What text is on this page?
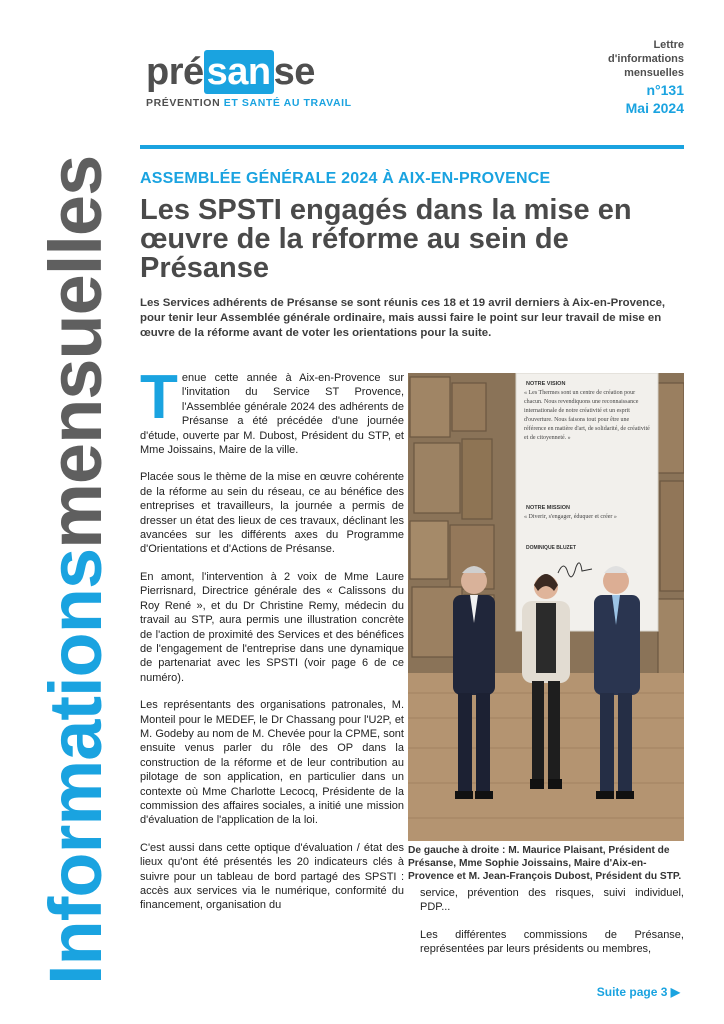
Informationsmensuelles
présanse
PRÉVENTION ET SANTÉ AU TRAVAIL
Lettre
d'informations
mensuelles
n°131
Mai 2024
ASSEMBLÉE GÉNÉRALE 2024 À AIX-EN-PROVENCE
Les SPSTI engagés dans la mise en œuvre de la réforme au sein de Présanse
Les Services adhérents de Présanse se sont réunis ces 18 et 19 avril derniers à Aix-en-Provence, pour tenir leur Assemblée générale ordinaire, mais aussi faire le point sur leur travail de mise en œuvre de la réforme avant de voter les orientations pour la suite.

Tenue cette année à Aix-en-Provence sur l'invitation du Service ST Provence, l'Assemblée générale 2024 des adhérents de Présanse a été précédée d'une journée d'étude, ouverte par M. Dubost, Président du STP, et Mme Joissains, Maire de la ville.

Placée sous le thème de la mise en œuvre cohérente de la réforme au sein du réseau, ce au bénéfice des entreprises et travailleurs, la journée a permis de dresser un état des lieux de ces travaux, déclinant les avancées sur les différents axes du Programme d'Orientations et d'Actions de Présanse.

En amont, l'intervention à 2 voix de Mme Laure Pierrisnard, Directrice générale des « Calissons du Roy René », et du Dr Christine Remy, médecin du travail au STP, aura permis une illustration concrète de l'action de proximité des Services et des bénéfices de l'engagement de l'entreprise dans une dynamique de partenariat avec les SPSTI (voir page 6 de ce numéro).

Les représentants des organisations patronales, M. Monteil pour le MEDEF, le Dr Chassang pour l'U2P, et M. Godeby au nom de M. Chevée pour la CPME, sont ensuite venus parler du rôle des OP dans la construction de la réforme et de leur contribution au pilotage de son application, en particulier dans un contexte où Mme Charlotte Lecocq, Présidente de la commission des affaires sociales, a initié une mission d'évaluation de l'application de la loi.

C'est aussi dans cette optique d'évaluation / état des lieux qu'ont été présentés les 20 indicateurs clés à suivre pour un tableau de bord partagé des SPSTI : accès aux services via le numérique, conformité du financement, organisation du

NOTRE VISION
« Les Thermes sont un centre de création pour chacun. Nous revendiquons une reconnaissance internationale de notre créativité et un esprit d'ouverture. Nous faisons tout pour être une référence en matière d'art, de solidarité, de créativité et de citoyenneté. »
NOTRE MISSION
« Diverir, s'engager, éduquer et créer »
DOMINIQUE BLUZET
De gauche à droite : M. Maurice Plaisant, Président de Présanse, Mme Sophie Joissains, Maire d'Aix-en-Provence et M. Jean-François Dubost, Président du STP.

service, prévention des risques, suivi individuel, PDP...

Les différentes commissions de Présanse, représentées par leurs présidents ou membres,

Suite page 3 ▶
